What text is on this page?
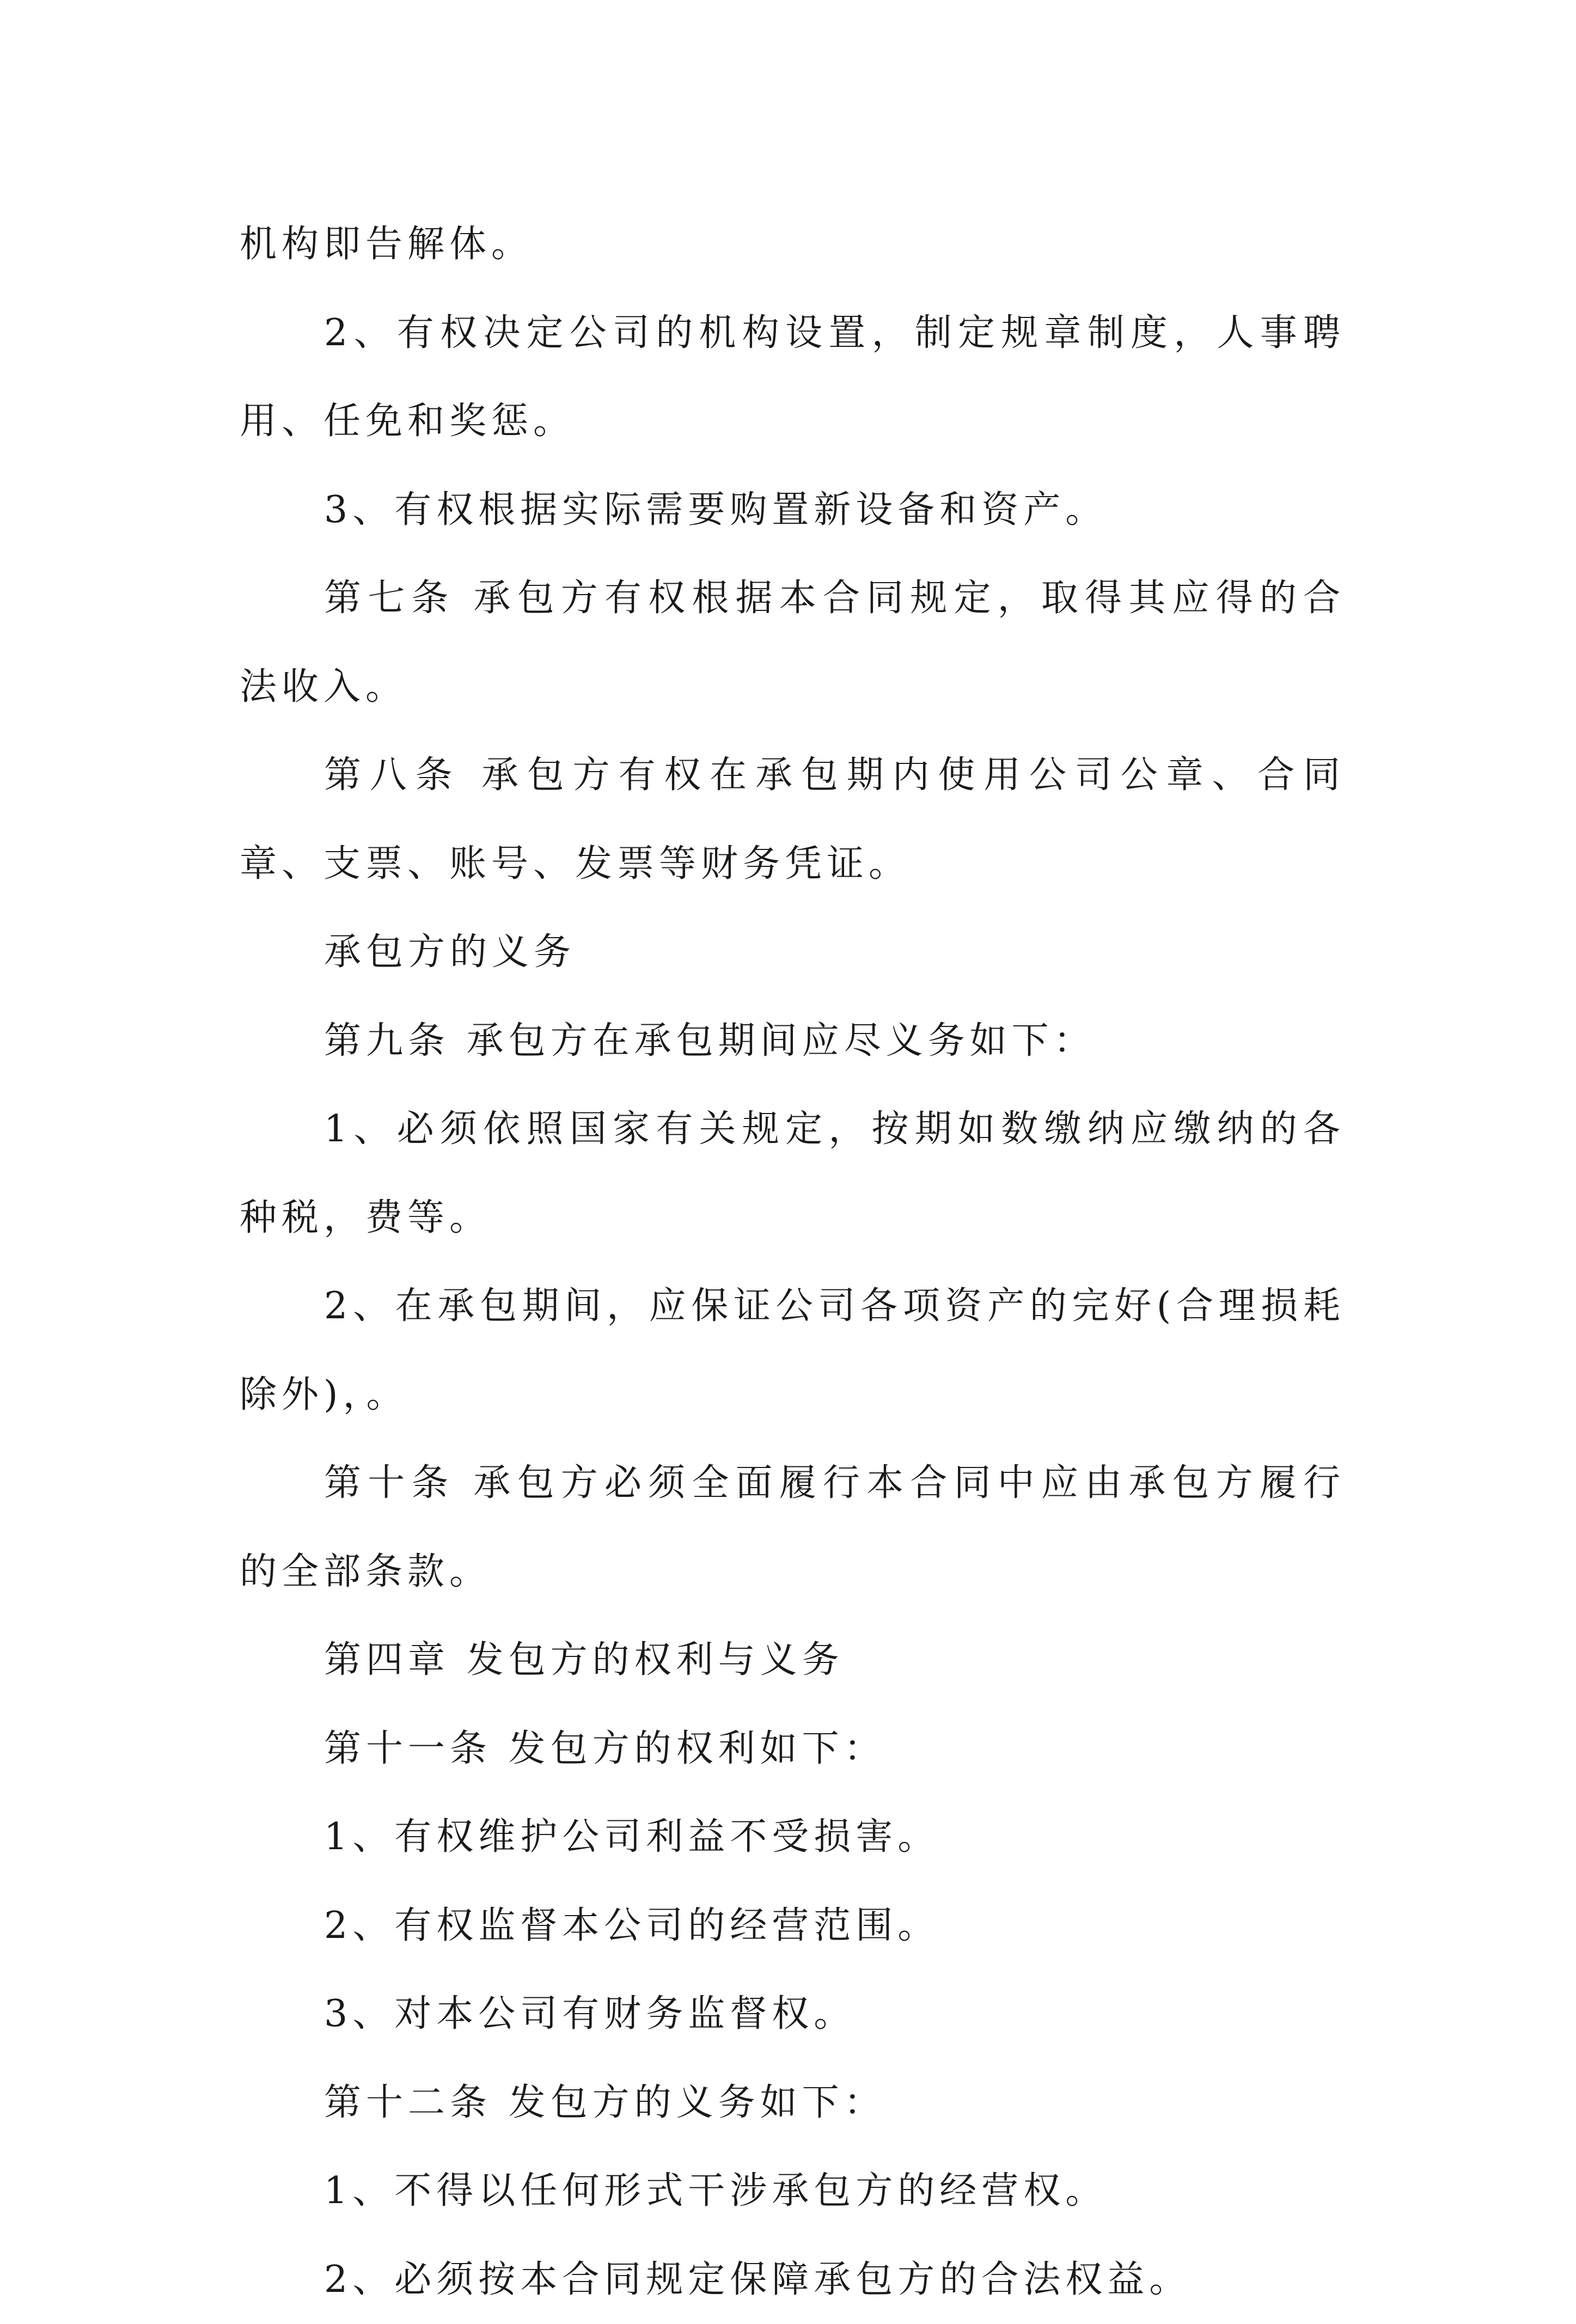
机构即告解体。

2、有权决定公司的机构设置，制定规章制度，人事聘用、任免和奖惩。

3、有权根据实际需要购置新设备和资产。

第七条 承包方有权根据本合同规定，取得其应得的合法收入。

第八条 承包方有权在承包期内使用公司公章、合同章、支票、账号、发票等财务凭证。

承包方的义务

第九条 承包方在承包期间应尽义务如下：

1、必须依照国家有关规定，按期如数缴纳应缴纳的各种税，费等。

2、在承包期间，应保证公司各项资产的完好(合理损耗除外)，。

第十条 承包方必须全面履行本合同中应由承包方履行的全部条款。

第四章 发包方的权利与义务

第十一条 发包方的权利如下：

1、有权维护公司利益不受损害。

2、有权监督本公司的经营范围。

3、对本公司有财务监督权。

第十二条 发包方的义务如下：

1、不得以任何形式干涉承包方的经营权。

2、必须按本合同规定保障承包方的合法权益。
